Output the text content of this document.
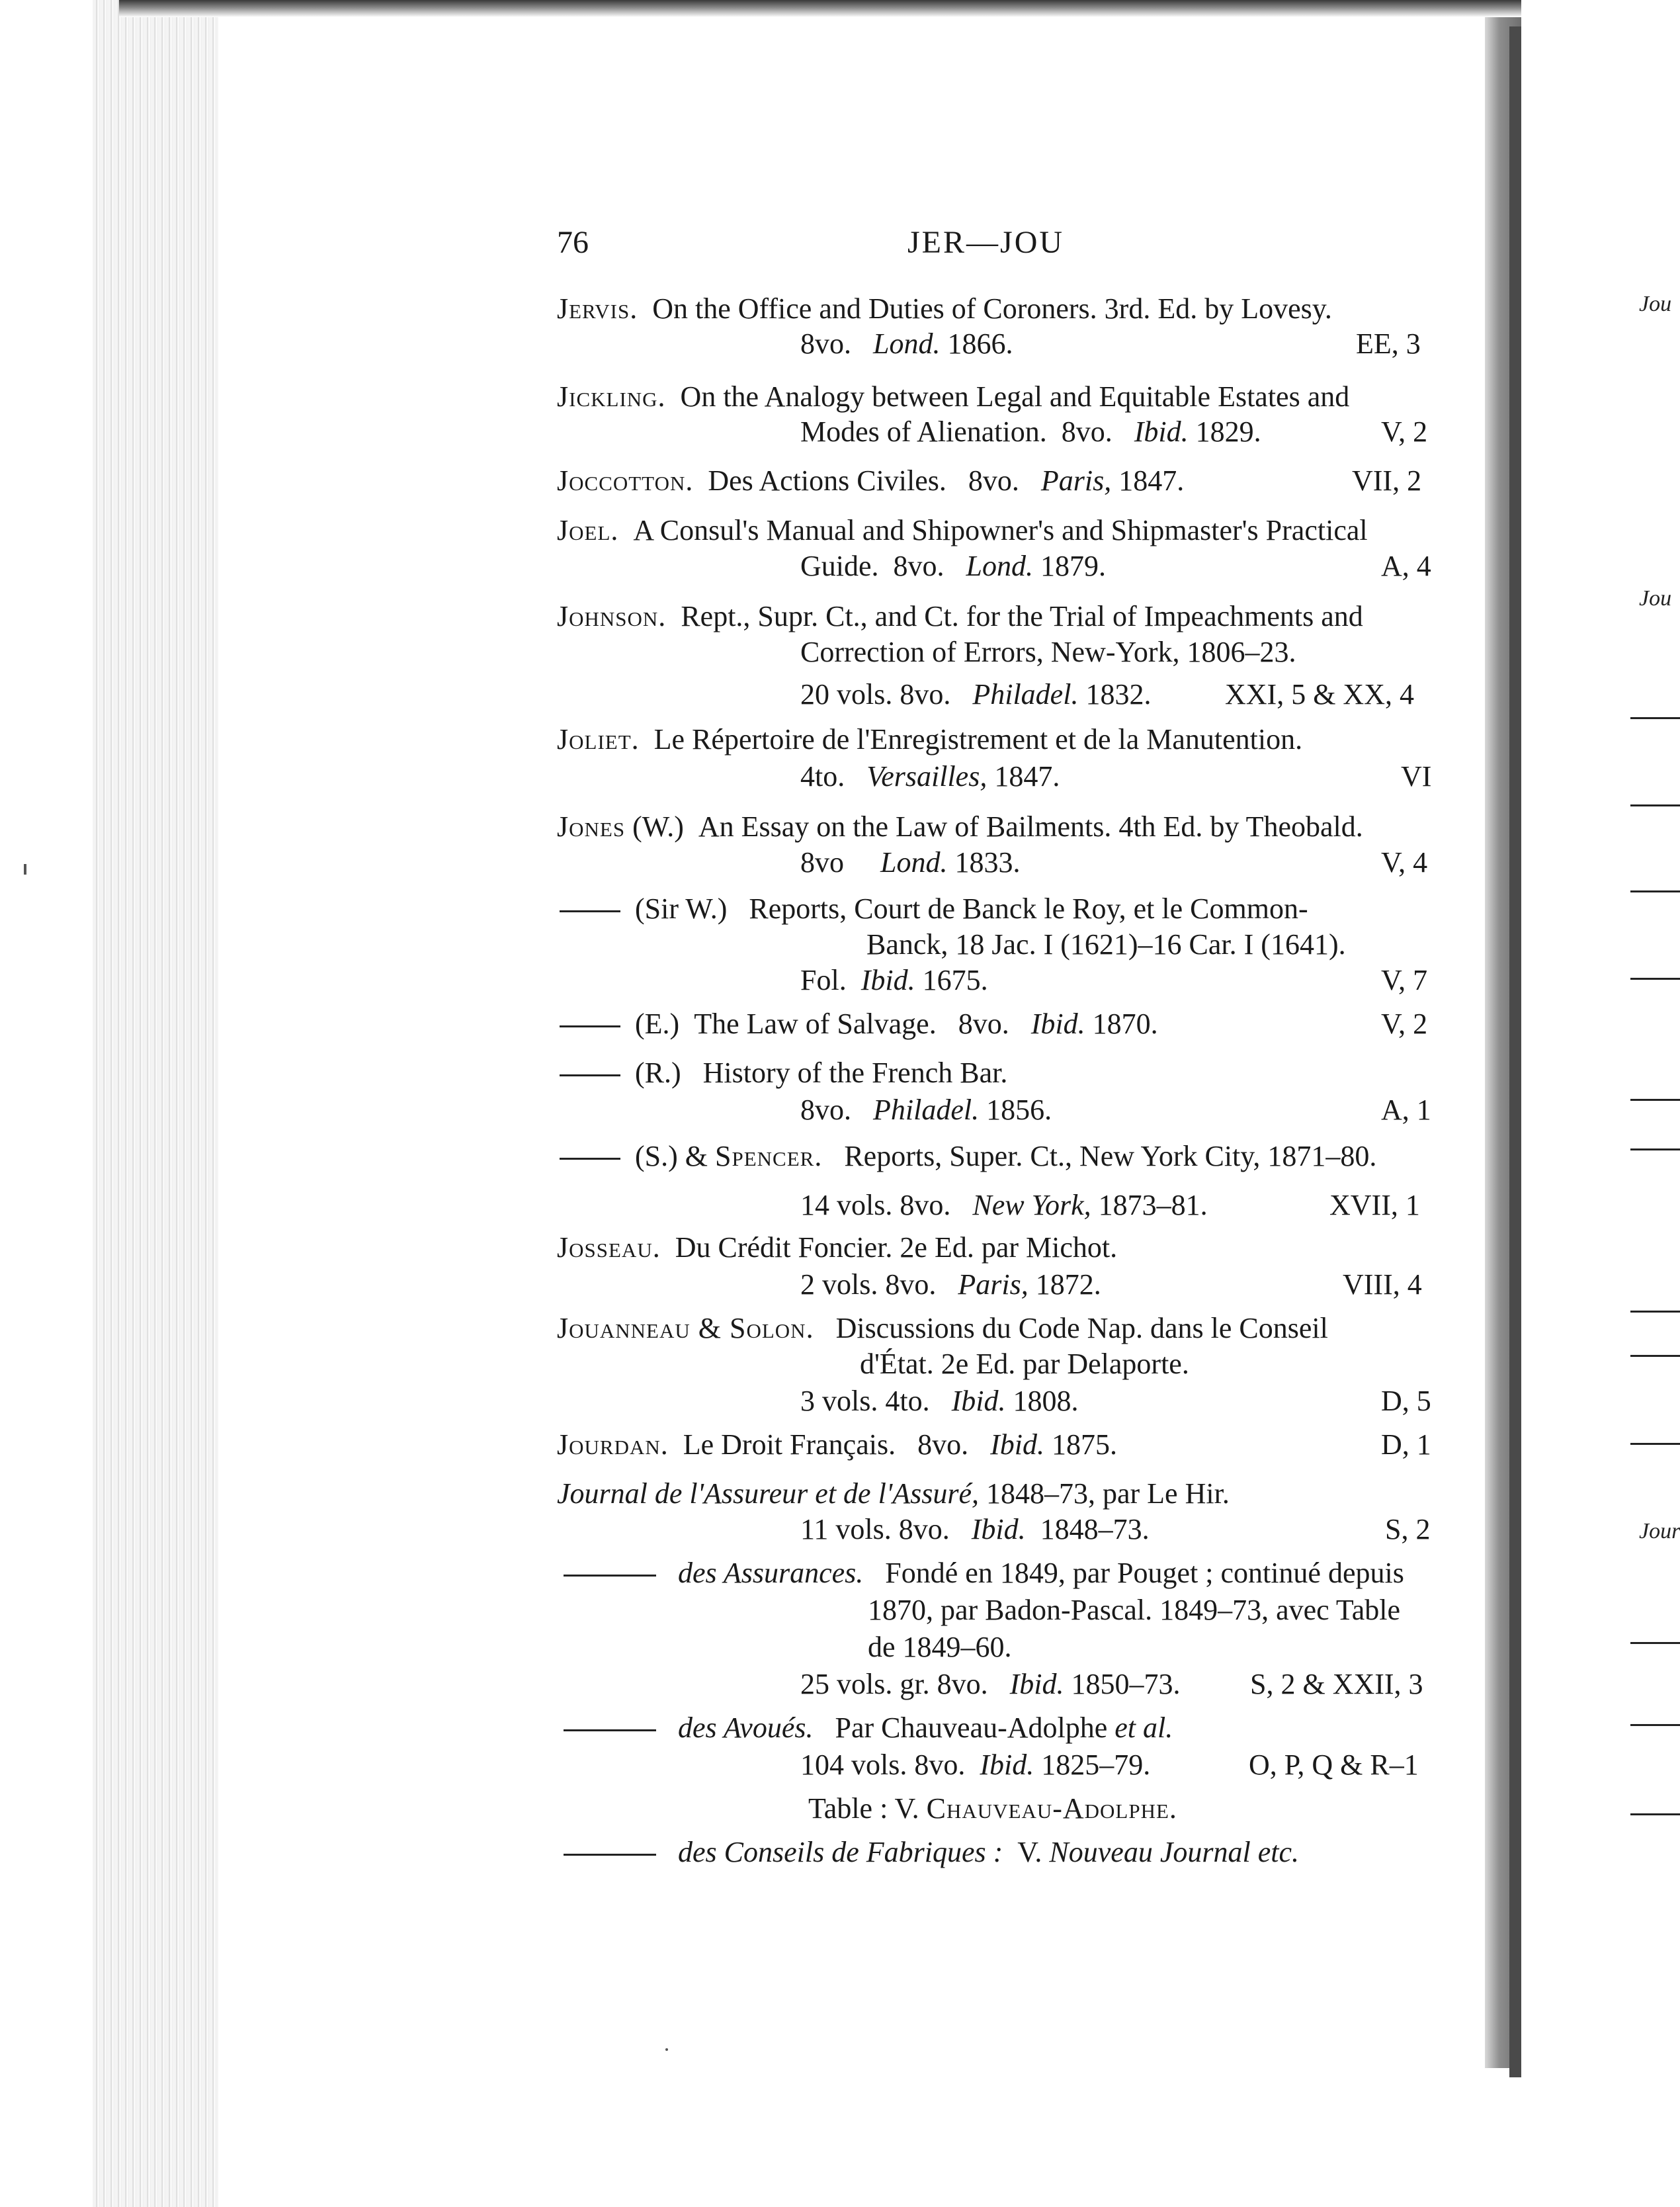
Jou
Jou
Jour
76	JER—JOU
Jervis. On the Office and Duties of Coroners. 3rd. Ed. by Lovesy.
8vo. Lond. 1866.	EE, 3
Jickling. On the Analogy between Legal and Equitable Estates and
Modes of Alienation. 8vo. Ibid. 1829.	V, 2
Joccotton. Des Actions Civiles. 8vo. Paris, 1847.	VII, 2
Joel. A Consul's Manual and Shipowner's and Shipmaster's Practical
Guide. 8vo. Lond. 1879.	A, 4
Johnson. Rept., Supr. Ct., and Ct. for the Trial of Impeachments and
Correction of Errors, New-York, 1806–23.
20 vols. 8vo. Philadel. 1832.	XXI, 5 & XX, 4
Joliet. Le Répertoire de l'Enregistrement et de la Manutention.
4to. Versailles, 1847.	VI
Jones (W.) An Essay on the Law of Bailments. 4th Ed. by Theobald.
8vo Lond. 1833.	V, 4
(Sir W.) Reports, Court de Banck le Roy, et le Common-
Banck, 18 Jac. I (1621)–16 Car. I (1641).
Fol. Ibid. 1675.	V, 7
(E.) The Law of Salvage. 8vo. Ibid. 1870.	V, 2
(R.) History of the French Bar.
8vo. Philadel. 1856.	A, 1
(S.) & Spencer. Reports, Super. Ct., New York City, 1871–80.
14 vols. 8vo. New York, 1873–81.	XVII, 1
Josseau. Du Crédit Foncier. 2e Ed. par Michot.
2 vols. 8vo. Paris, 1872.	VIII, 4
Jouanneau & Solon. Discussions du Code Nap. dans le Conseil
d'État. 2e Ed. par Delaporte.
3 vols. 4to. Ibid. 1808.	D, 5
Jourdan. Le Droit Français. 8vo. Ibid. 1875.	D, 1
Journal de l'Assureur et de l'Assuré, 1848–73, par Le Hir.
11 vols. 8vo. Ibid. 1848–73.	S, 2
des Assurances. Fondé en 1849, par Pouget ; continué depuis
1870, par Badon-Pascal. 1849–73, avec Table
de 1849–60.
25 vols. gr. 8vo. Ibid. 1850–73. S, 2 & XXII, 3
des Avoués. Par Chauveau-Adolphe et al.
104 vols. 8vo. Ibid. 1825–79.	O, P, Q & R–1
Table : V. Chauveau-Adolphe.
des Conseils de Fabriques : V. Nouveau Journal etc.
